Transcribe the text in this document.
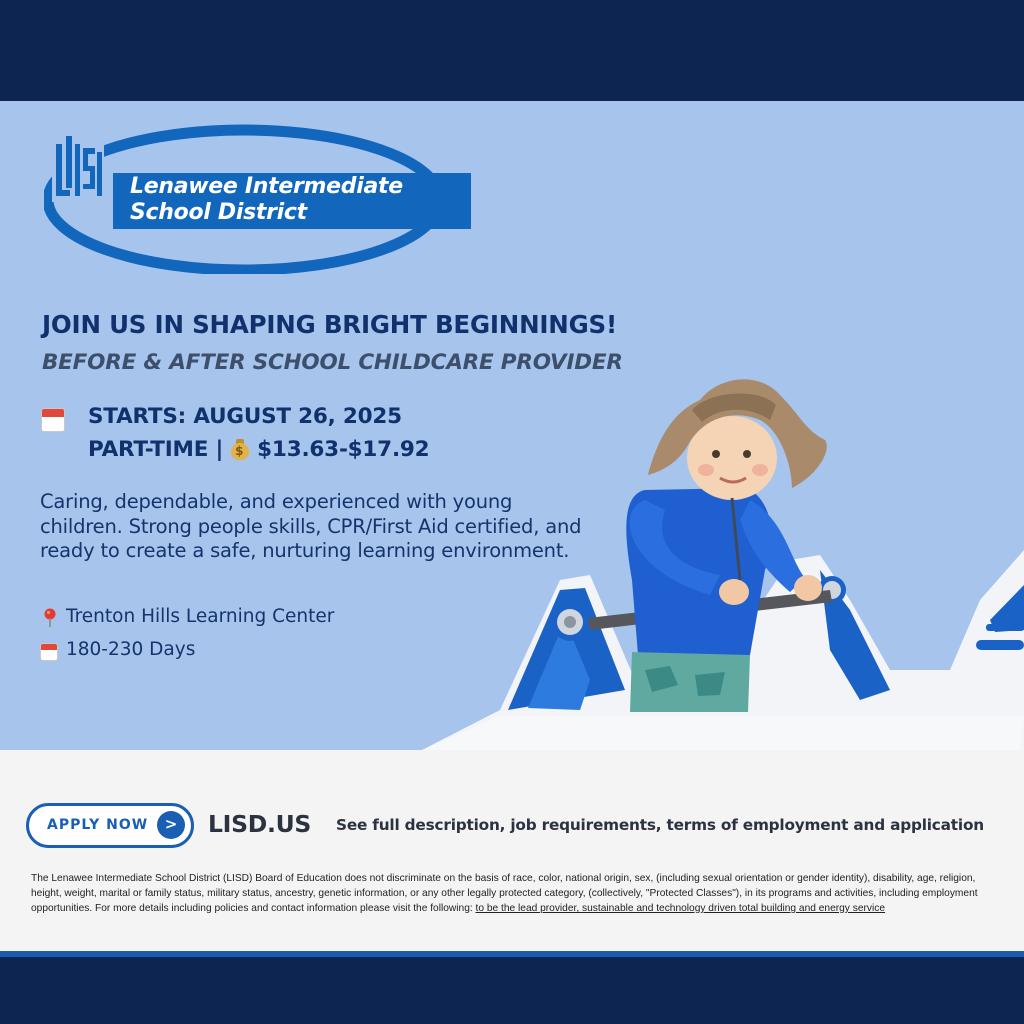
Lenawee Intermediate
School District
JOIN US IN SHAPING BRIGHT BEGINNINGS!
BEFORE & AFTER SCHOOL CHILDCARE PROVIDER
STARTS: AUGUST 26, 2025
PART-TIME | $ $13.63-$17.92
Caring, dependable, and experienced with young children. Strong people skills, CPR/First Aid certified, and ready to create a safe, nurturing learning environment.
Trenton Hills Learning Center
180-230 Days
APPLY NOW	>	LISD.US See full description, job requirements, terms of employment and application
The Lenawee Intermediate School District (LISD) Board of Education does not discriminate on the basis of race, color, national origin, sex, (including sexual orientation or gender identity), disability, age, religion, height, weight, marital or family status, military status, ancestry, genetic information, or any other legally protected category, (collectively, "Protected Classes"), in its programs and activities, including employment opportunities. For more details including policies and contact information please visit the following: to be the lead provider, sustainable and technology driven total building and energy service
